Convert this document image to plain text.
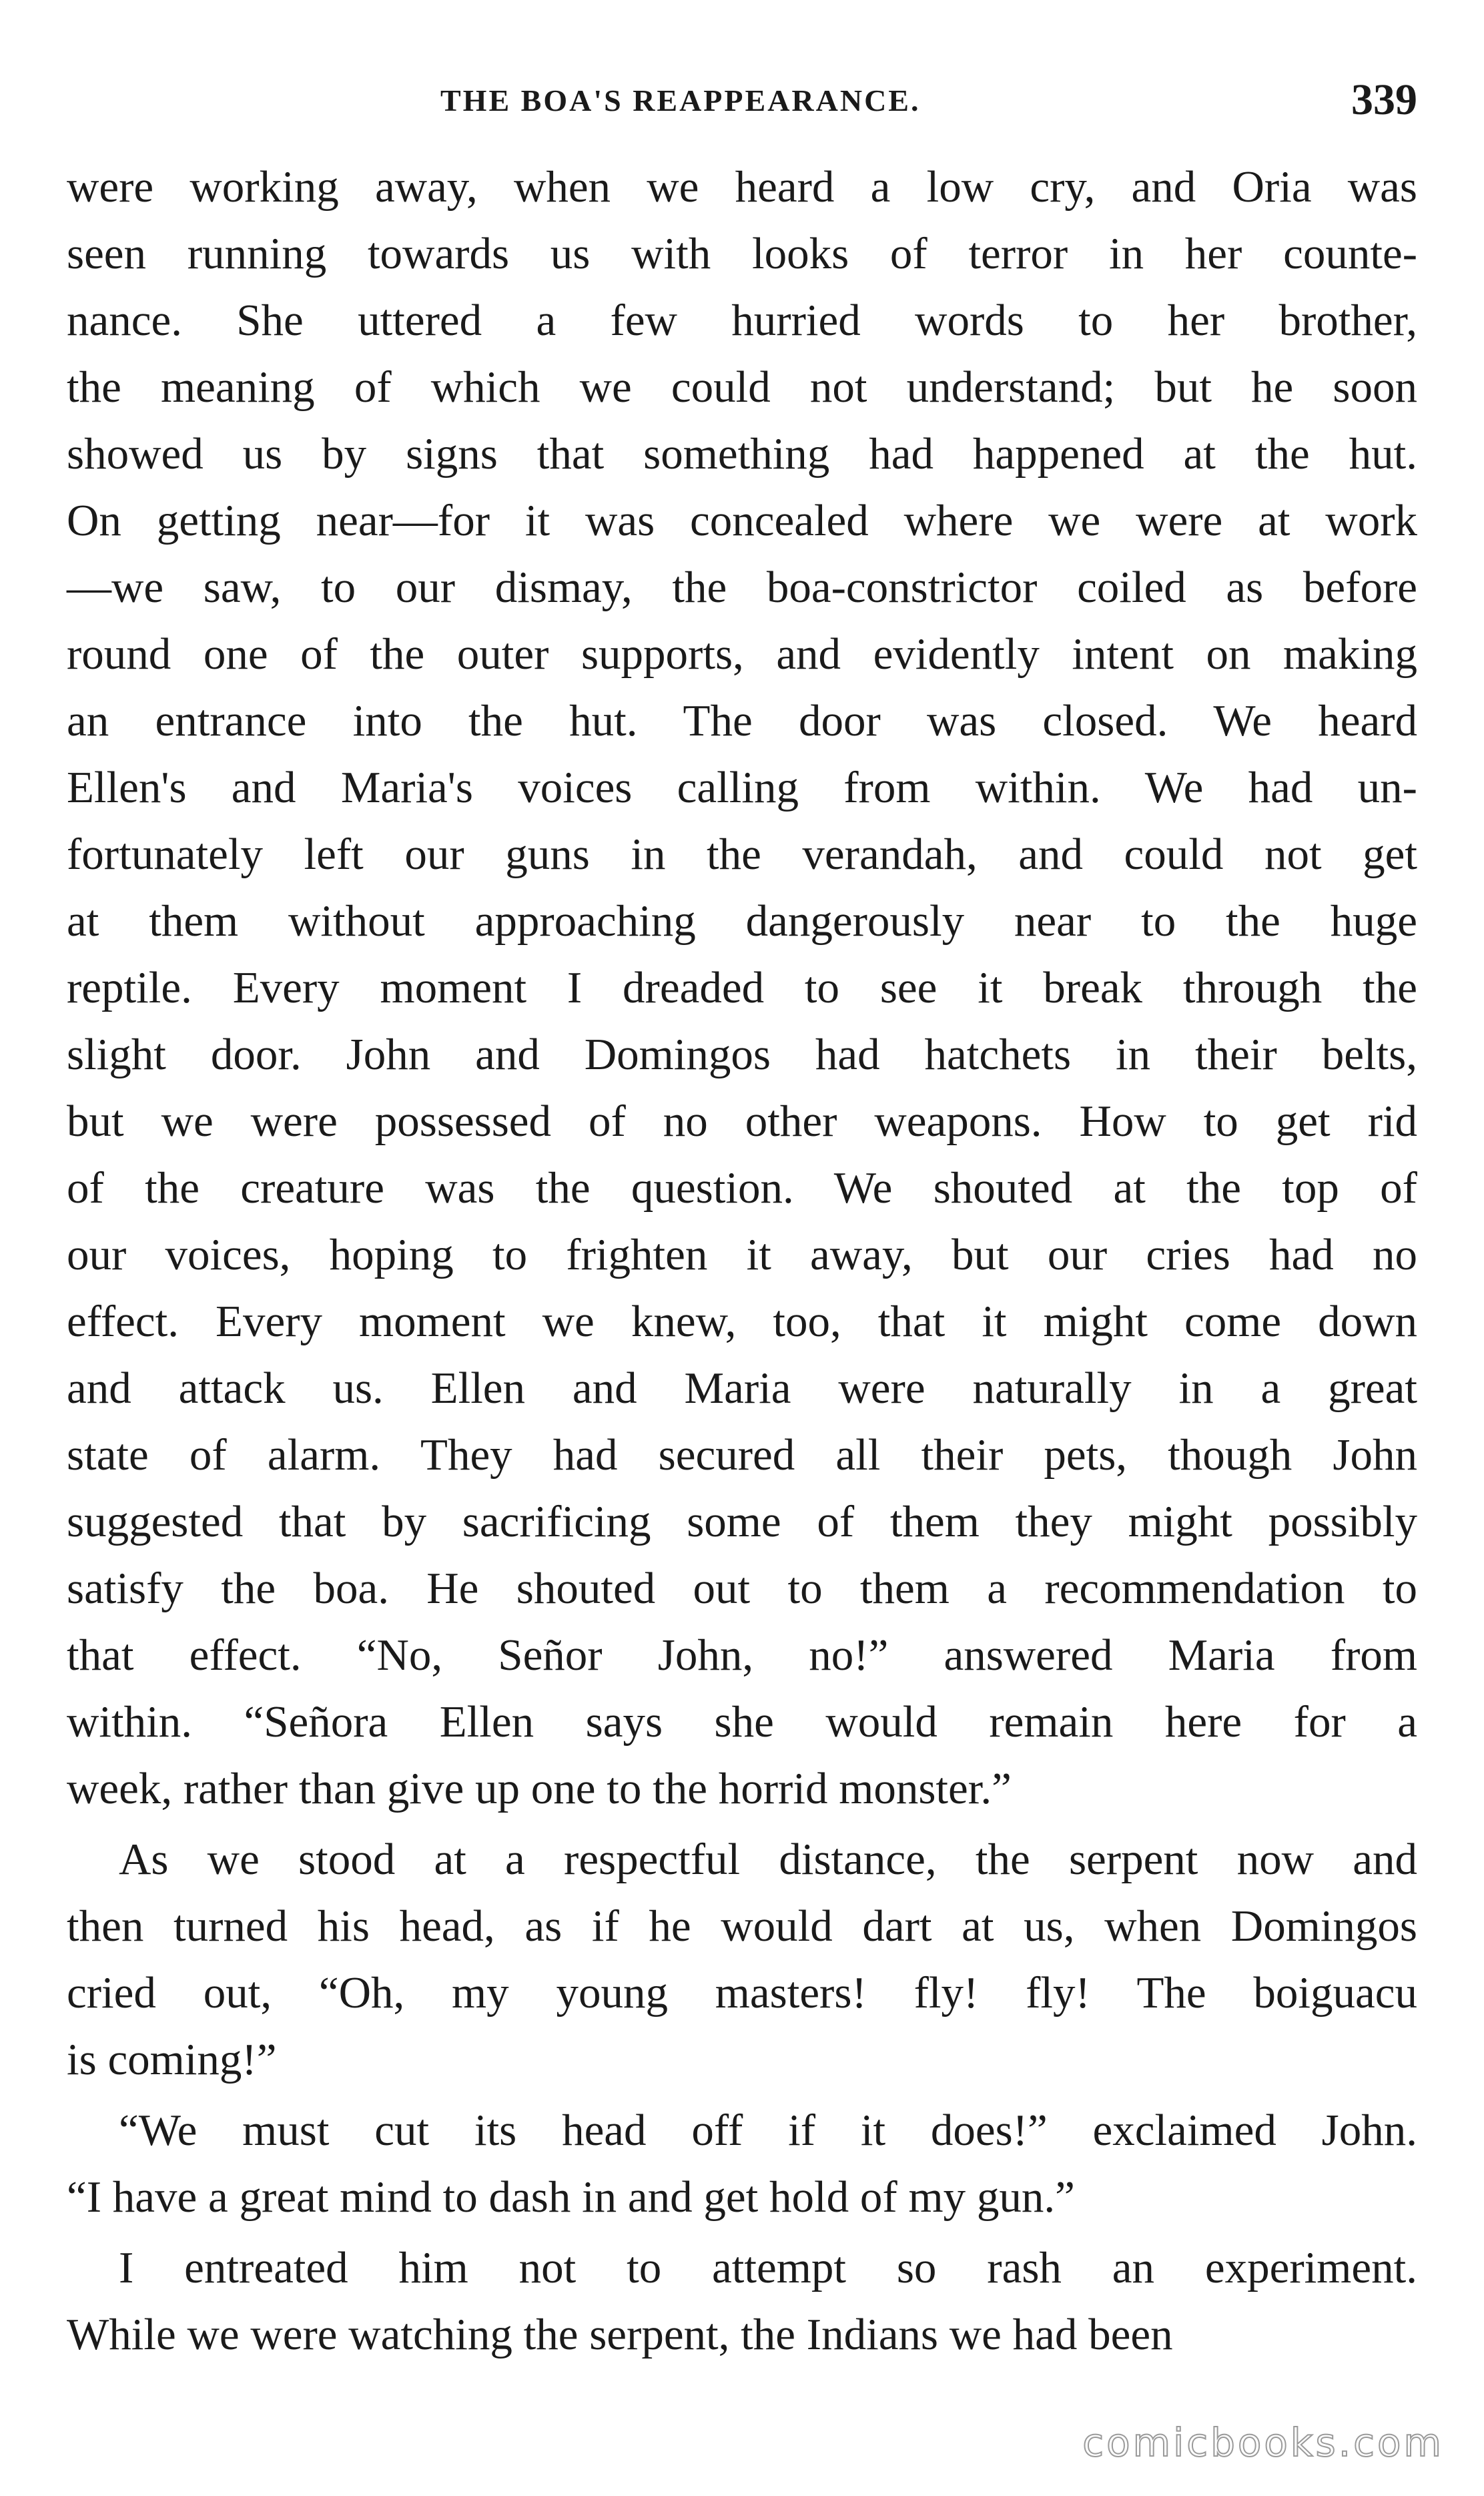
THE BOA'S REAPPEARANCE.	339
were working away, when we heard a low cry, and Oria was
seen running towards us with looks of terror in her counte-
nance. She uttered a few hurried words to her brother,
the meaning of which we could not understand; but he soon
showed us by signs that something had happened at the hut.
On getting near—for it was concealed where we were at work
—we saw, to our dismay, the boa-constrictor coiled as before
round one of the outer supports, and evidently intent on making
an entrance into the hut. The door was closed. We heard
Ellen's and Maria's voices calling from within. We had un-
fortunately left our guns in the verandah, and could not get
at them without approaching dangerously near to the huge
reptile. Every moment I dreaded to see it break through the
slight door. John and Domingos had hatchets in their belts,
but we were possessed of no other weapons. How to get rid
of the creature was the question. We shouted at the top of
our voices, hoping to frighten it away, but our cries had no
effect. Every moment we knew, too, that it might come down
and attack us. Ellen and Maria were naturally in a great
state of alarm. They had secured all their pets, though John
suggested that by sacrificing some of them they might possibly
satisfy the boa. He shouted out to them a recommendation to
that effect. “No, Señor John, no!” answered Maria from
within. “Señora Ellen says she would remain here for a
week, rather than give up one to the horrid monster.”
As we stood at a respectful distance, the serpent now and
then turned his head, as if he would dart at us, when Domingos
cried out, “Oh, my young masters! fly! fly! The boiguacu
is coming!”
“We must cut its head off if it does!” exclaimed John.
“I have a great mind to dash in and get hold of my gun.”
I entreated him not to attempt so rash an experiment.
While we were watching the serpent, the Indians we had been
comicbooks.com
